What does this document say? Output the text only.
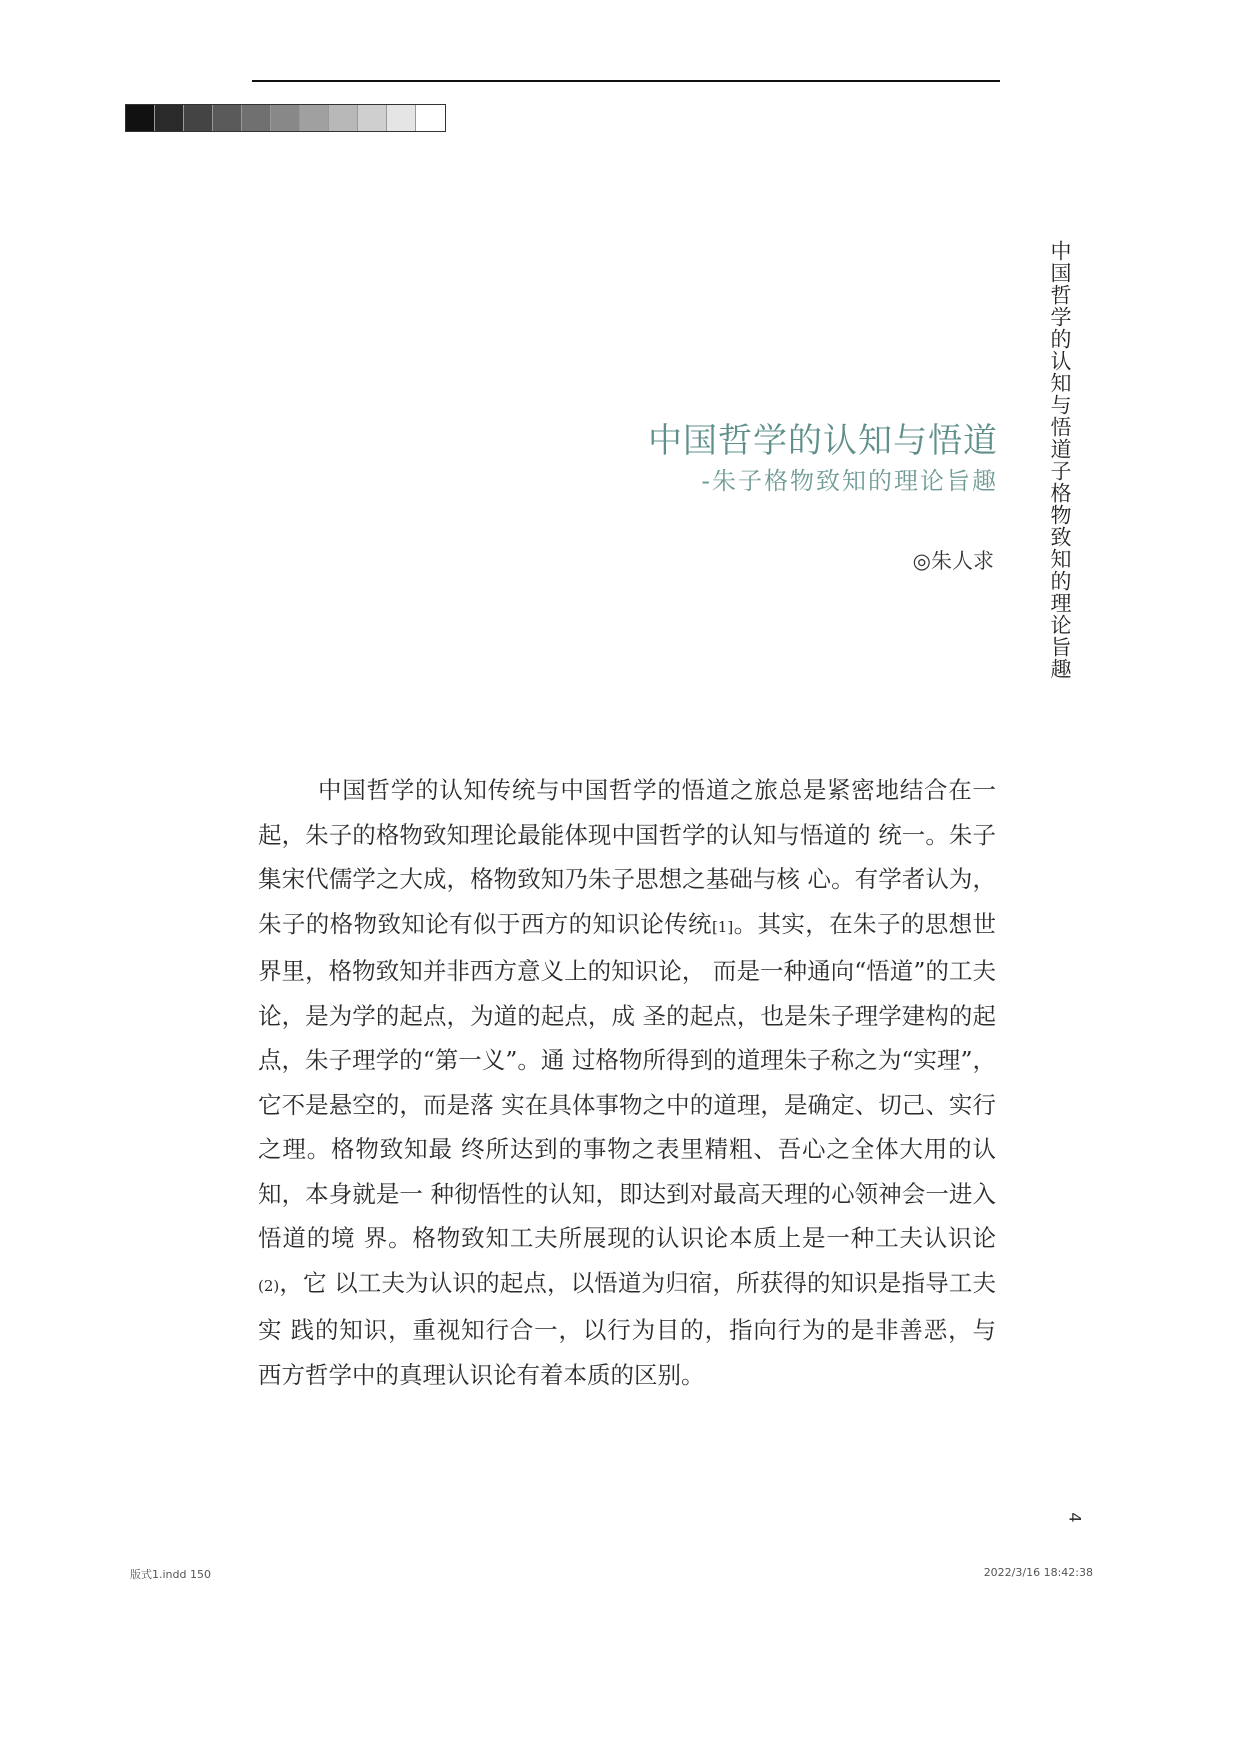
中国哲学的认知与悟道子格物致知的理论旨趣
中国哲学的认知与悟道
-朱子格物致知的理论旨趣
◎朱人求

中国哲学的认知传统与中国哲学的悟道之旅总是紧密地结合在一起，朱子的格物致知理论最能体现中国哲学的认知与悟道的 统一。朱子集宋代儒学之大成，格物致知乃朱子思想之基础与核 心。有学者认为，朱子的格物致知论有似于西方的知识论传统[1]。其实，在朱子的思想世界里，格物致知并非西方意义上的知识论， 而是一种通向“悟道”的工夫论，是为学的起点，为道的起点，成 圣的起点，也是朱子理学建构的起点，朱子理学的“第一义”。通 过格物所得到的道理朱子称之为“实理”，它不是悬空的，而是落 实在具体事物之中的道理，是确定、切己、实行之理。格物致知最 终所达到的事物之表里精粗、吾心之全体大用的认知，本身就是一 种彻悟性的认知，即达到对最高天理的心领神会一进入悟道的境 界。格物致知工夫所展现的认识论本质上是一种工夫认识论(2)，它 以工夫为认识的起点，以悟道为归宿，所获得的知识是指导工夫实 践的知识，重视知行合一，以行为目的，指向行为的是非善恶，与 西方哲学中的真理认识论有着本质的区别。

4
版式1.indd 150	2022/3/16 18:42:38
